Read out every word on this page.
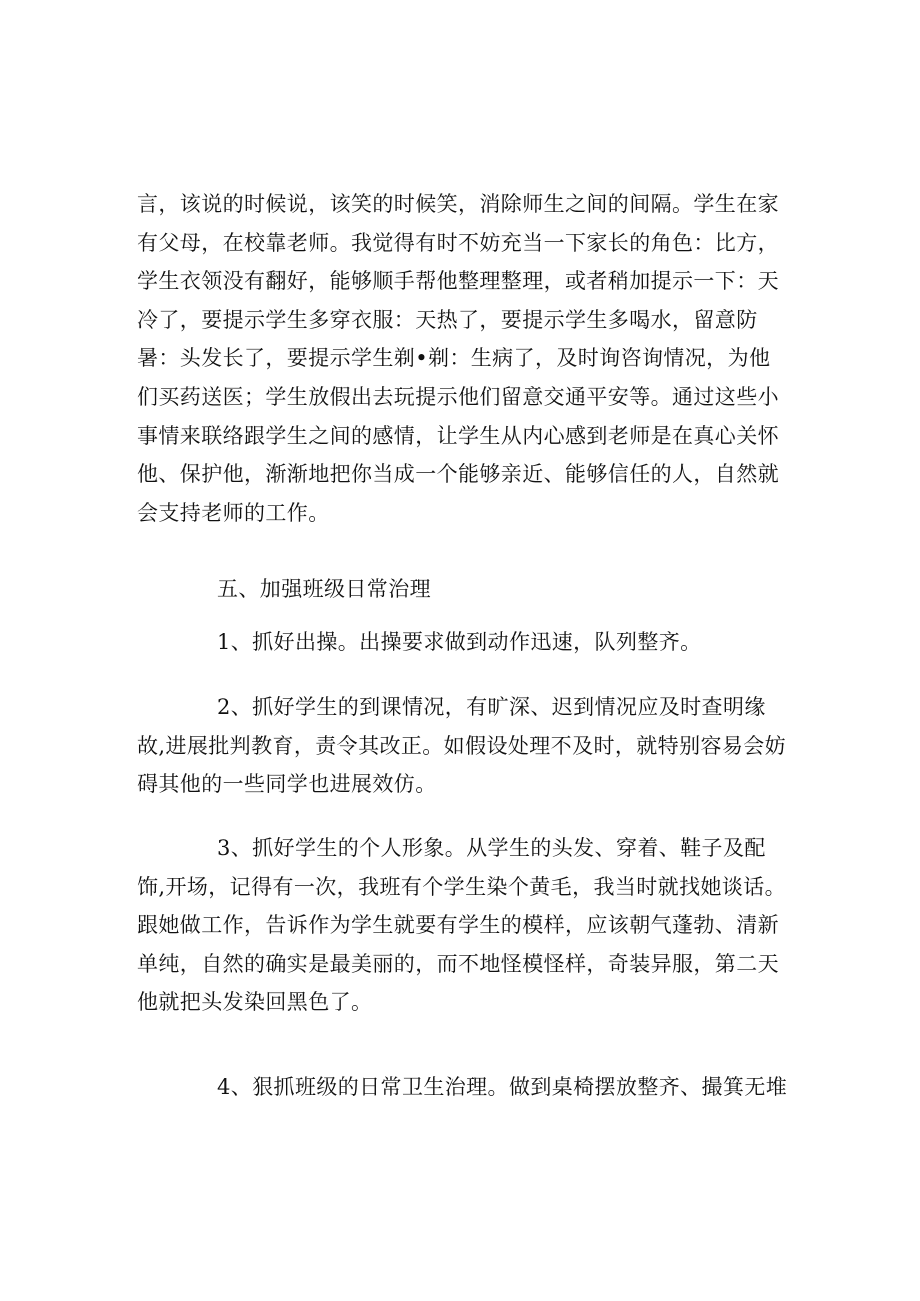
言，该说的时候说，该笑的时候笑，消除师生之间的间隔。学生在家有父母，在校靠老师。我觉得有时不妨充当一下家长的角色：比方，学生衣领没有翻好，能够顺手帮他整理整理，或者稍加提示一下：天冷了，要提示学生多穿衣服：天热了，要提示学生多喝水，留意防暑：头发长了，要提示学生剃•剃：生病了，及时询咨询情况，为他们买药送医；学生放假出去玩提示他们留意交通平安等。通过这些小事情来联络跟学生之间的感情，让学生从内心感到老师是在真心关怀他、保护他，渐渐地把你当成一个能够亲近、能够信任的人，自然就会支持老师的工作。

五、加强班级日常治理

1、抓好出操。出操要求做到动作迅速，队列整齐。

2、抓好学生的到课情况，有旷深、迟到情况应及时查明缘故,进展批判教育，责令其改正。如假设处理不及时，就特别容易会妨碍其他的一些同学也进展效仿。

3、抓好学生的个人形象。从学生的头发、穿着、鞋子及配饰,开场，记得有一次，我班有个学生染个黄毛，我当时就找她谈话。跟她做工作，告诉作为学生就要有学生的模样，应该朝气蓬勃、清新单纯，自然的确实是最美丽的，而不地怪模怪样，奇装异服，第二天他就把头发染回黑色了。

4、狠抓班级的日常卫生治理。做到桌椅摆放整齐、撮箕无堆
